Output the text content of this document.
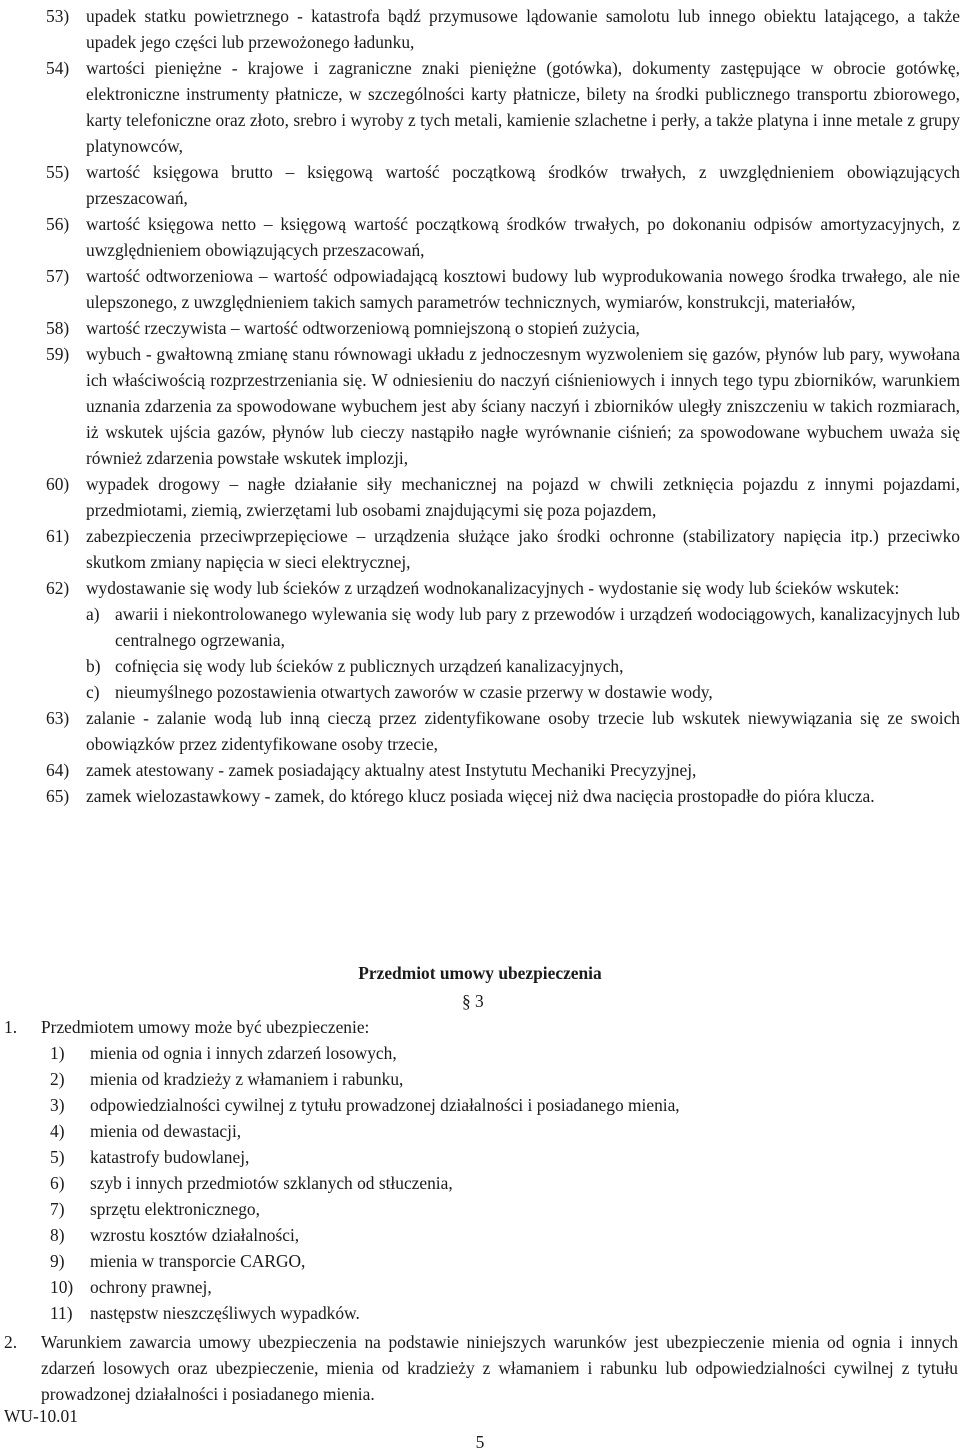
53) upadek statku powietrznego - katastrofa bądź przymusowe lądowanie samolotu lub innego obiektu latającego, a także upadek jego części lub przewożonego ładunku,
54) wartości pieniężne - krajowe i zagraniczne znaki pieniężne (gotówka), dokumenty zastępujące w obrocie gotówkę, elektroniczne instrumenty płatnicze, w szczególności karty płatnicze, bilety na środki publicznego transportu zbiorowego, karty telefoniczne oraz złoto, srebro i wyroby z tych metali, kamienie szlachetne i perły, a także platyna i inne metale z grupy platynowców,
55) wartość księgowa brutto – księgową wartość początkową środków trwałych, z uwzględnieniem obowiązujących przeszacowań,
56) wartość księgowa netto – księgową wartość początkową środków trwałych, po dokonaniu odpisów amortyzacyjnych, z uwzględnieniem obowiązujących przeszacowań,
57) wartość odtworzeniowa – wartość odpowiadającą kosztowi budowy lub wyprodukowania nowego środka trwałego, ale nie ulepszonego, z uwzględnieniem takich samych parametrów technicznych, wymiarów, konstrukcji, materiałów,
58) wartość rzeczywista – wartość odtworzeniową pomniejszoną o stopień zużycia,
59) wybuch - gwałtowną zmianę stanu równowagi układu z jednoczesnym wyzwoleniem się gazów, płynów lub pary, wywołana ich właściwością rozprzestrzeniania się. W odniesieniu do naczyń ciśnieniowych i innych tego typu zbiorników, warunkiem uznania zdarzenia za spowodowane wybuchem jest aby ściany naczyń i zbiorników uległy zniszczeniu w takich rozmiarach, iż wskutek ujścia gazów, płynów lub cieczy nastąpiło nagłe wyrównanie ciśnień; za spowodowane wybuchem uważa się również zdarzenia powstałe wskutek implozji,
60) wypadek drogowy – nagłe działanie siły mechanicznej na pojazd w chwili zetknięcia pojazdu z innymi pojazdami, przedmiotami, ziemią, zwierzętami lub osobami znajdującymi się poza pojazdem,
61) zabezpieczenia przeciwprzepięciowe – urządzenia służące jako środki ochronne (stabilizatory napięcia itp.) przeciwko skutkom zmiany napięcia w sieci elektrycznej,
62) wydostawanie się wody lub ścieków z urządzeń wodnokanalizacyjnych - wydostanie się wody lub ścieków wskutek:
a) awarii i niekontrolowanego wylewania się wody lub pary z przewodów i urządzeń wodociągowych, kanalizacyjnych lub centralnego ogrzewania,
b) cofnięcia się wody lub ścieków z publicznych urządzeń kanalizacyjnych,
c) nieumyślnego pozostawienia otwartych zaworów w czasie przerwy w dostawie wody,
63) zalanie - zalanie wodą lub inną cieczą przez zidentyfikowane osoby trzecie lub wskutek niewywiązania się ze swoich obowiązków przez zidentyfikowane osoby trzecie,
64) zamek atestowany - zamek posiadający aktualny atest Instytutu Mechaniki Precyzyjnej,
65) zamek wielozastawkowy - zamek, do którego klucz posiada więcej niż dwa nacięcia prostopadłe do pióra klucza.
Przedmiot umowy ubezpieczenia
§ 3
1.	Przedmiotem umowy może być ubezpieczenie:
1)	mienia od ognia i innych zdarzeń losowych,
2)	mienia od kradzieży z włamaniem i rabunku,
3)	odpowiedzialności cywilnej z tytułu prowadzonej działalności i posiadanego mienia,
4)	mienia od dewastacji,
5)	katastrofy budowlanej,
6)	szyb i innych przedmiotów szklanych od stłuczenia,
7)	sprzętu elektronicznego,
8)	wzrostu kosztów działalności,
9)	mienia w transporcie CARGO,
10) ochrony prawnej,
11)	następstw nieszczęśliwych wypadków.
2.	Warunkiem zawarcia umowy ubezpieczenia na podstawie niniejszych warunków jest ubezpieczenie mienia od ognia i innych zdarzeń losowych oraz ubezpieczenie, mienia od kradzieży z włamaniem i rabunku lub odpowiedzialności cywilnej z tytułu prowadzonej działalności i posiadanego mienia.
WU-10.01
5
